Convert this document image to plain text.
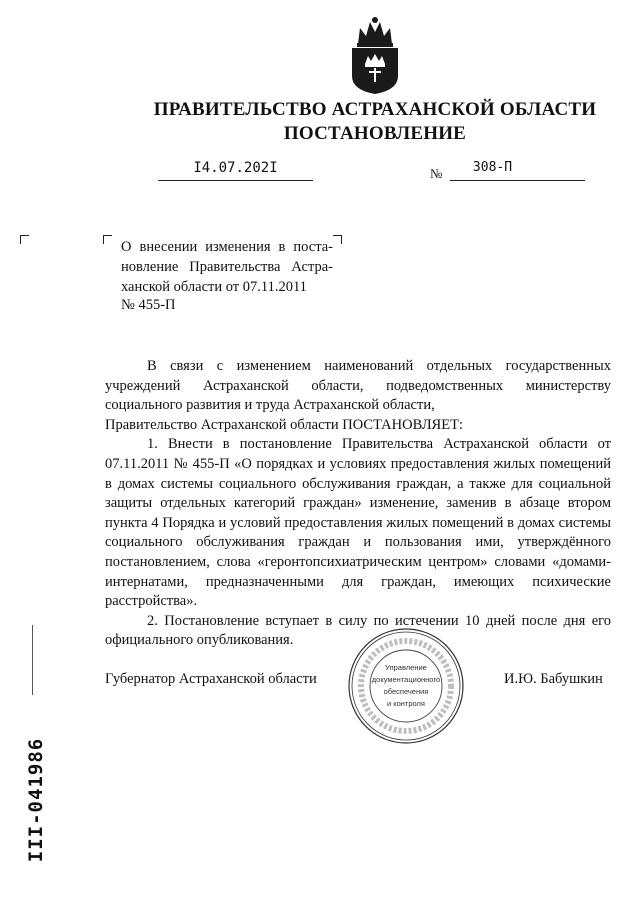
ПРАВИТЕЛЬСТВО АСТРАХАНСКОЙ ОБЛАСТИ
ПОСТАНОВЛЕНИЕ
I4.07.202I	№	308-П
О внесении изменения в поста-новление Правительства Астра-ханской области от 07.11.2011
№ 455-П

В связи с изменением наименований отдельных государственных учреждений Астраханской области, подведомственных министерству социального развития и труда Астраханской области,

Правительство Астраханской области ПОСТАНОВЛЯЕТ:

1. Внести в постановление Правительства Астраханской области от 07.11.2011 № 455-П «О порядках и условиях предоставления жилых помещений в домах системы социального обслуживания граждан, а также для социальной защиты отдельных категорий граждан» изменение, заменив в абзаце втором пункта 4 Порядка и условий предоставления жилых помещений в домах системы социального обслуживания граждан и пользования ими, утверждённого постановлением, слова «геронтопсихиатрическим центром» словами «домами-интернатами, предназначенными для граждан, имеющих психические расстройства».

2. Постановление вступает в силу по истечении 10 дней после дня его официального опубликования.

Губернатор Астраханской области	И.Ю. Бабушкин
Управление
документационного
обеспечения
и контроля
III-041986
